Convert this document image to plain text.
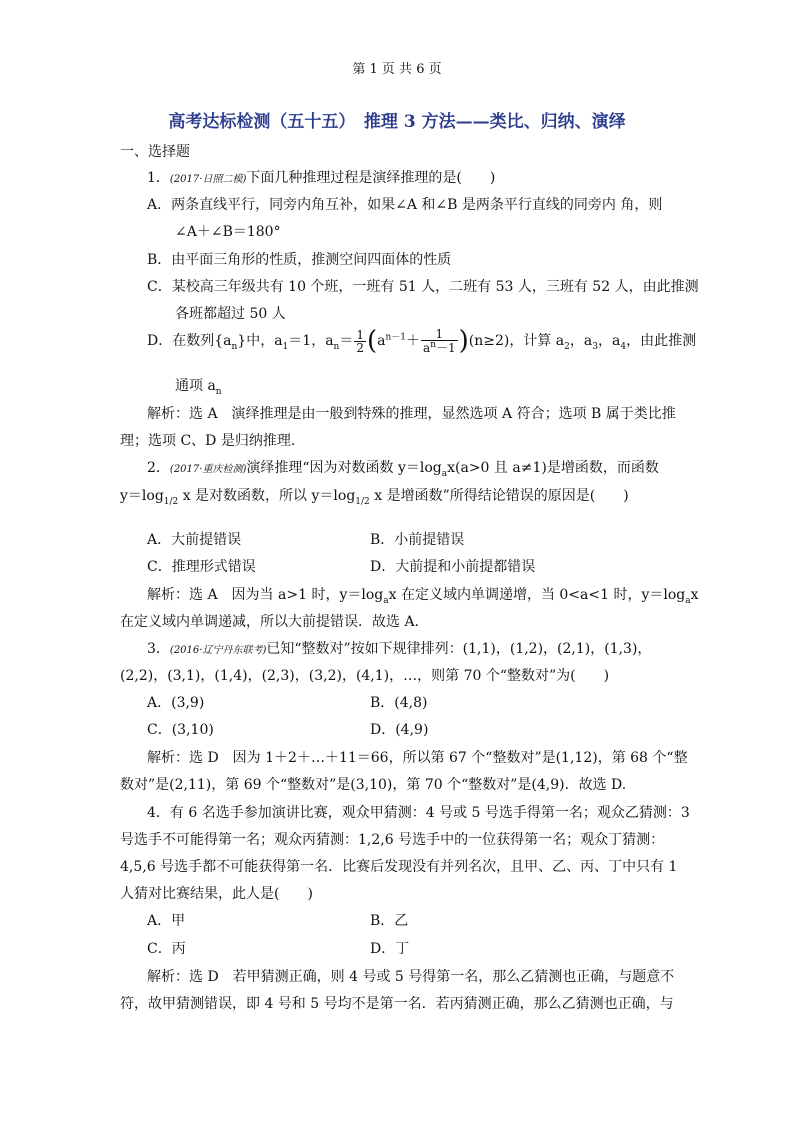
第 1 页 共 6 页
高考达标检测（五十五）　推理 3 方法——类比、归纳、演绎
一、选择题
1．(2017·日照二模)下面几种推理过程是演绎推理的是(　　)
A．两条直线平行，同旁内角互补，如果∠A 和∠B 是两条平行直线的同旁内 角，则
∠A＋∠B＝180°
B．由平面三角形的性质，推测空间四面体的性质
C．某校高三年级共有 10 个班，一班有 51 人，二班有 53 人，三班有 52 人，由此推测
各班都超过 50 人
D．在数列$\{a_n\}$中，$a_1=1$，$a_n= \frac{1}{2} (a^{n-1}+ \frac{1}{a^n-1} )(n\ge 2)$，计算 $a_2$，$a_3$，$a_4$，由此推测
通项 $a_n$
解析：选 A　演绎推理是由一般到特殊的推理，显然选项 A 符合；选项 B 属于类比推
理；选项 C、D 是归纳推理.
2．(2017·重庆检测)演绎推理“因为对数函数 $y=\log_ax(a>0$ 且 a≠1)是增函数，而函数
$y=\log_{1/2}$ x 是对数函数，所以 $y=\log_{1/2}$ x 是增函数”所得结论错误的原因是(　　)
A．大前提错误	B．小前提错误
C．推理形式错误	D．大前提和小前提都错误
解析：选 A　因为当 a>1 时，$y=\log_ax$ 在定义域内单调递增，当 0<a<1 时，$y=\log_ax$
在定义域内单调递减，所以大前提错误．故选 A.
3．(2016·辽宁丹东联考)已知“整数对”按如下规律排列：(1,1)，(1,2)，(2,1)，(1,3)，
(2,2)，(3,1)，(1,4)，(2,3)，(3,2)，(4,1)，…，则第 70 个“整数对”为(　　)
A．(3,9)	B．(4,8)
C．(3,10)	D．(4,9)
解析：选 D　因为 1＋2＋…＋11＝66，所以第 67 个“整数对”是(1,12)，第 68 个“整
数对”是(2,11)，第 69 个“整数对”是(3,10)，第 70 个“整数对”是(4,9)．故选 D.
4．有 6 名选手参加演讲比赛，观众甲猜测：4 号或 5 号选手得第一名；观众乙猜测：3
号选手不可能得第一名；观众丙猜测：1,2,6 号选手中的一位获得第一名；观众丁猜测：
4,5,6 号选手都不可能获得第一名．比赛后发现没有并列名次，且甲、乙、丙、丁中只有 1
人猜对比赛结果，此人是(　　)
A．甲	B．乙
C．丙	D．丁
解析：选 D　若甲猜测正确，则 4 号或 5 号得第一名，那么乙猜测也正确，与题意不
符，故甲猜测错误，即 4 号和 5 号均不是第一名．若丙猜测正确，那么乙猜测也正确，与
